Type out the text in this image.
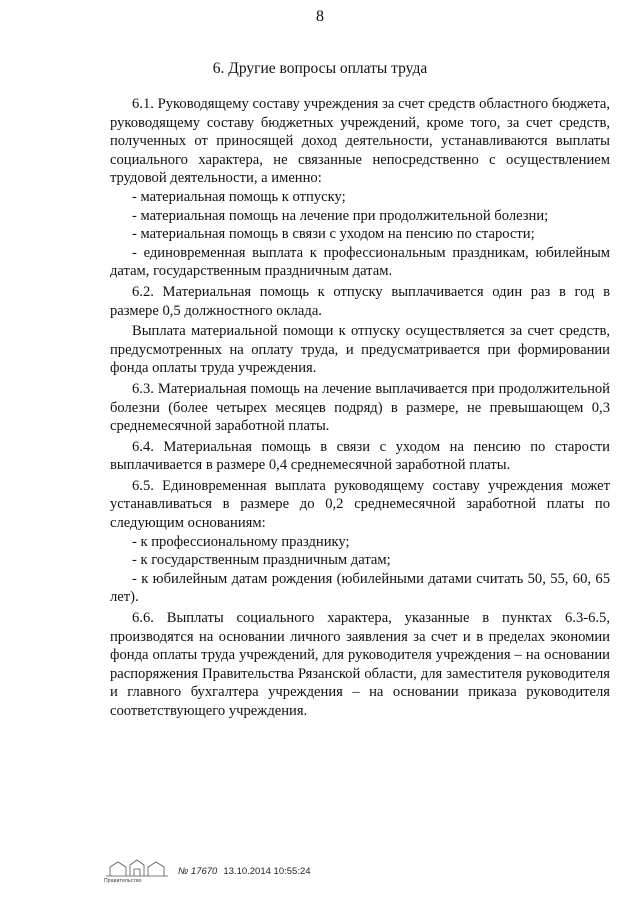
8
6. Другие вопросы оплаты труда

6.1. Руководящему составу учреждения за счет средств областного бюджета, руководящему составу бюджетных учреждений, кроме того, за счет средств, полученных от приносящей доход деятельности, устанавливаются выплаты социального характера, не связанные непосредственно с осуществлением трудовой деятельности, а именно:

- материальная помощь к отпуску;

- материальная помощь на лечение при продолжительной болезни;

- материальная помощь в связи с уходом на пенсию по старости;

- единовременная выплата к профессиональным праздникам, юбилейным датам, государственным праздничным датам.

6.2. Материальная помощь к отпуску выплачивается один раз в год в размере 0,5 должностного оклада.

Выплата материальной помощи к отпуску осуществляется за счет средств, предусмотренных на оплату труда, и предусматривается при формировании фонда оплаты труда учреждения.

6.3. Материальная помощь на лечение выплачивается при продолжительной болезни (более четырех месяцев подряд) в размере, не превышающем 0,3 среднемесячной заработной платы.

6.4. Материальная помощь в связи с уходом на пенсию по старости выплачивается в размере 0,4 среднемесячной заработной платы.

6.5. Единовременная выплата руководящему составу учреждения может устанавливаться в размере до 0,2 среднемесячной заработной платы по следующим основаниям:

- к профессиональному празднику;

- к государственным праздничным датам;

- к юбилейным датам рождения (юбилейными датами считать 50, 55, 60, 65 лет).

6.6. Выплаты социального характера, указанные в пунктах 6.3-6.5, производятся на основании личного заявления за счет и в пределах экономии фонда оплаты труда учреждений, для руководителя учреждения – на основании распоряжения Правительства Рязанской области, для заместителя руководителя и главного бухгалтера учреждения – на основании приказа руководителя соответствующего учреждения.

Правительство
№ 17670 13.10.2014 10:55:24
